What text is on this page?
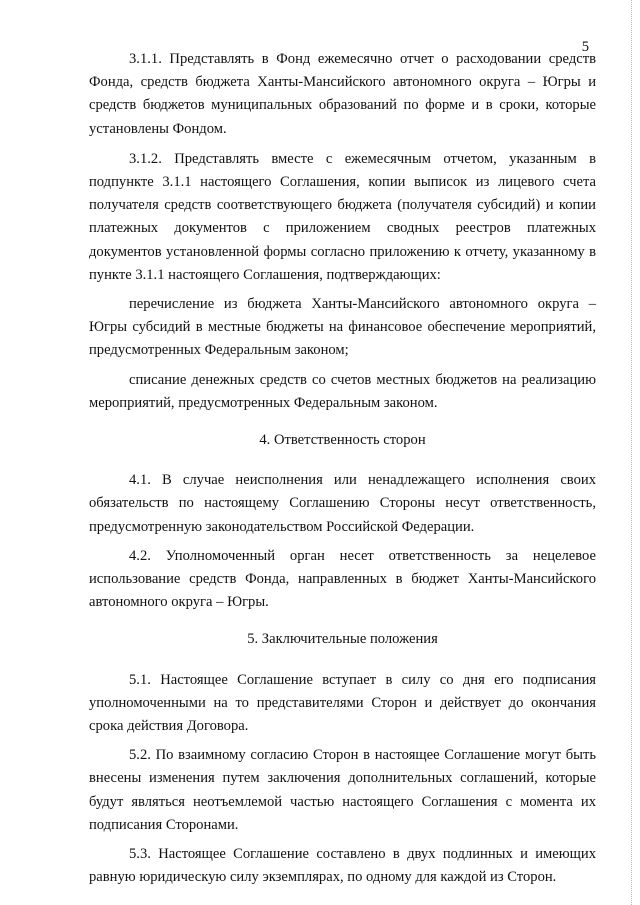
5

3.1.1. Представлять в Фонд ежемесячно отчет о расходовании средств Фонда, средств бюджета Ханты-Мансийского автономного округа – Югры и средств бюджетов муниципальных образований по форме и в сроки, которые установлены Фондом.

3.1.2. Представлять вместе с ежемесячным отчетом, указанным в подпункте 3.1.1 настоящего Соглашения, копии выписок из лицевого счета получателя средств соответствующего бюджета (получателя субсидий) и копии платежных документов с приложением сводных реестров платежных документов установленной формы согласно приложению к отчету, указанному в пункте 3.1.1 настоящего Соглашения, подтверждающих:

перечисление из бюджета Ханты-Мансийского автономного округа – Югры субсидий в местные бюджеты на финансовое обеспечение мероприятий, предусмотренных Федеральным законом;

списание денежных средств со счетов местных бюджетов на реализацию мероприятий, предусмотренных Федеральным законом.

4. Ответственность сторон

4.1. В случае неисполнения или ненадлежащего исполнения своих обязательств по настоящему Соглашению Стороны несут ответственность, предусмотренную законодательством Российской Федерации.

4.2. Уполномоченный орган несет ответственность за нецелевое использование средств Фонда, направленных в бюджет Ханты-Мансийского автономного округа – Югры.

5. Заключительные положения

5.1. Настоящее Соглашение вступает в силу со дня его подписания уполномоченными на то представителями Сторон и действует до окончания срока действия Договора.

5.2. По взаимному согласию Сторон в настоящее Соглашение могут быть внесены изменения путем заключения дополнительных соглашений, которые будут являться неотъемлемой частью настоящего Соглашения с момента их подписания Сторонами.

5.3. Настоящее Соглашение составлено в двух подлинных и имеющих равную юридическую силу экземплярах, по одному для каждой из Сторон.
